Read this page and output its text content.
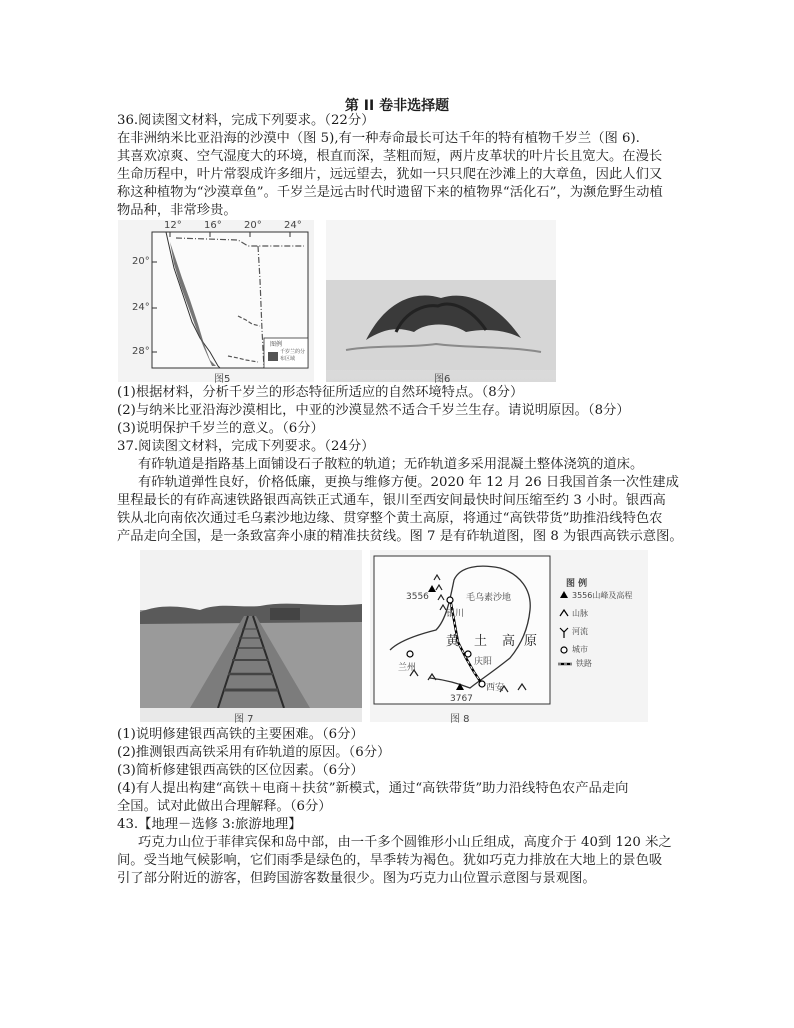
第 II 卷非选择题
36.阅读图文材料，完成下列要求。（22分）
在非洲纳米比亚沿海的沙漠中（图 5),有一种寿命最长可达千年的特有植物千岁兰（图 6).
其喜欢凉爽、空气湿度大的环境，根直而深，茎粗而短，两片皮革状的叶片长且宽大。在漫长
生命历程中，叶片常裂成许多细片，远远望去，犹如一只只爬在沙滩上的大章鱼，因此人们又
称这种植物为“沙漠章鱼”。千岁兰是远古时代时遗留下来的植物界“活化石”，为濒危野生动植
物品种，非常珍贵。
12° 16° 20° 24°
20°
24°
28°
图例
千岁兰的分布区域
图5	图6
(1)根据材料，分析千岁兰的形态特征所适应的自然环境特点。（8分）
(2)与纳米比亚沿海沙漠相比，中亚的沙漠显然不适合千岁兰生存。请说明原因。（8分）
(3)说明保护千岁兰的意义。（6分）
37.阅读图文材料，完成下列要求。（24分）
有砟轨道是指路基上面铺设石子散粒的轨道；无砟轨道多采用混凝土整体浇筑的道床。
有砟轨道弹性良好，价格低廉，更换与维修方便。2020 年 12 月 26 日我国首条一次性建成
里程最长的有砟高速铁路银西高铁正式通车，银川至西安间最快时间压缩至约 3 小时。银西高
铁从北向南依次通过毛乌素沙地边缘、贯穿整个黄土高原，将通过“高铁带货”助推沿线特色农
产品走向全国，是一条致富奔小康的精准扶贫线。图 7 是有砟轨道图，图 8 为银西高铁示意图。
图 7
3556
3767
毛乌素沙地
黄 土 高 原
银川
兰州
庆阳
西安
图 例
3556山峰及高程
山脉
河流
城市
铁路
图 8
(1)说明修建银西高铁的主要困难。（6分）
(2)推测银西高铁采用有砟轨道的原因。（6分）
(3)简析修建银西高铁的区位因素。（6分）
(4)有人提出构建“高铁＋电商＋扶贫”新模式，通过“高铁带货”助力沿线特色农产品走向
全国。试对此做出合理解释。（6分）
43.【地理－选修 3:旅游地理】
巧克力山位于菲律宾保和岛中部，由一千多个圆锥形小山丘组成，高度介于 40到 120 米之
间。受当地气候影响，它们雨季是绿色的，旱季转为褐色。犹如巧克力排放在大地上的景色吸
引了部分附近的游客，但跨国游客数量很少。图为巧克力山位置示意图与景观图。
